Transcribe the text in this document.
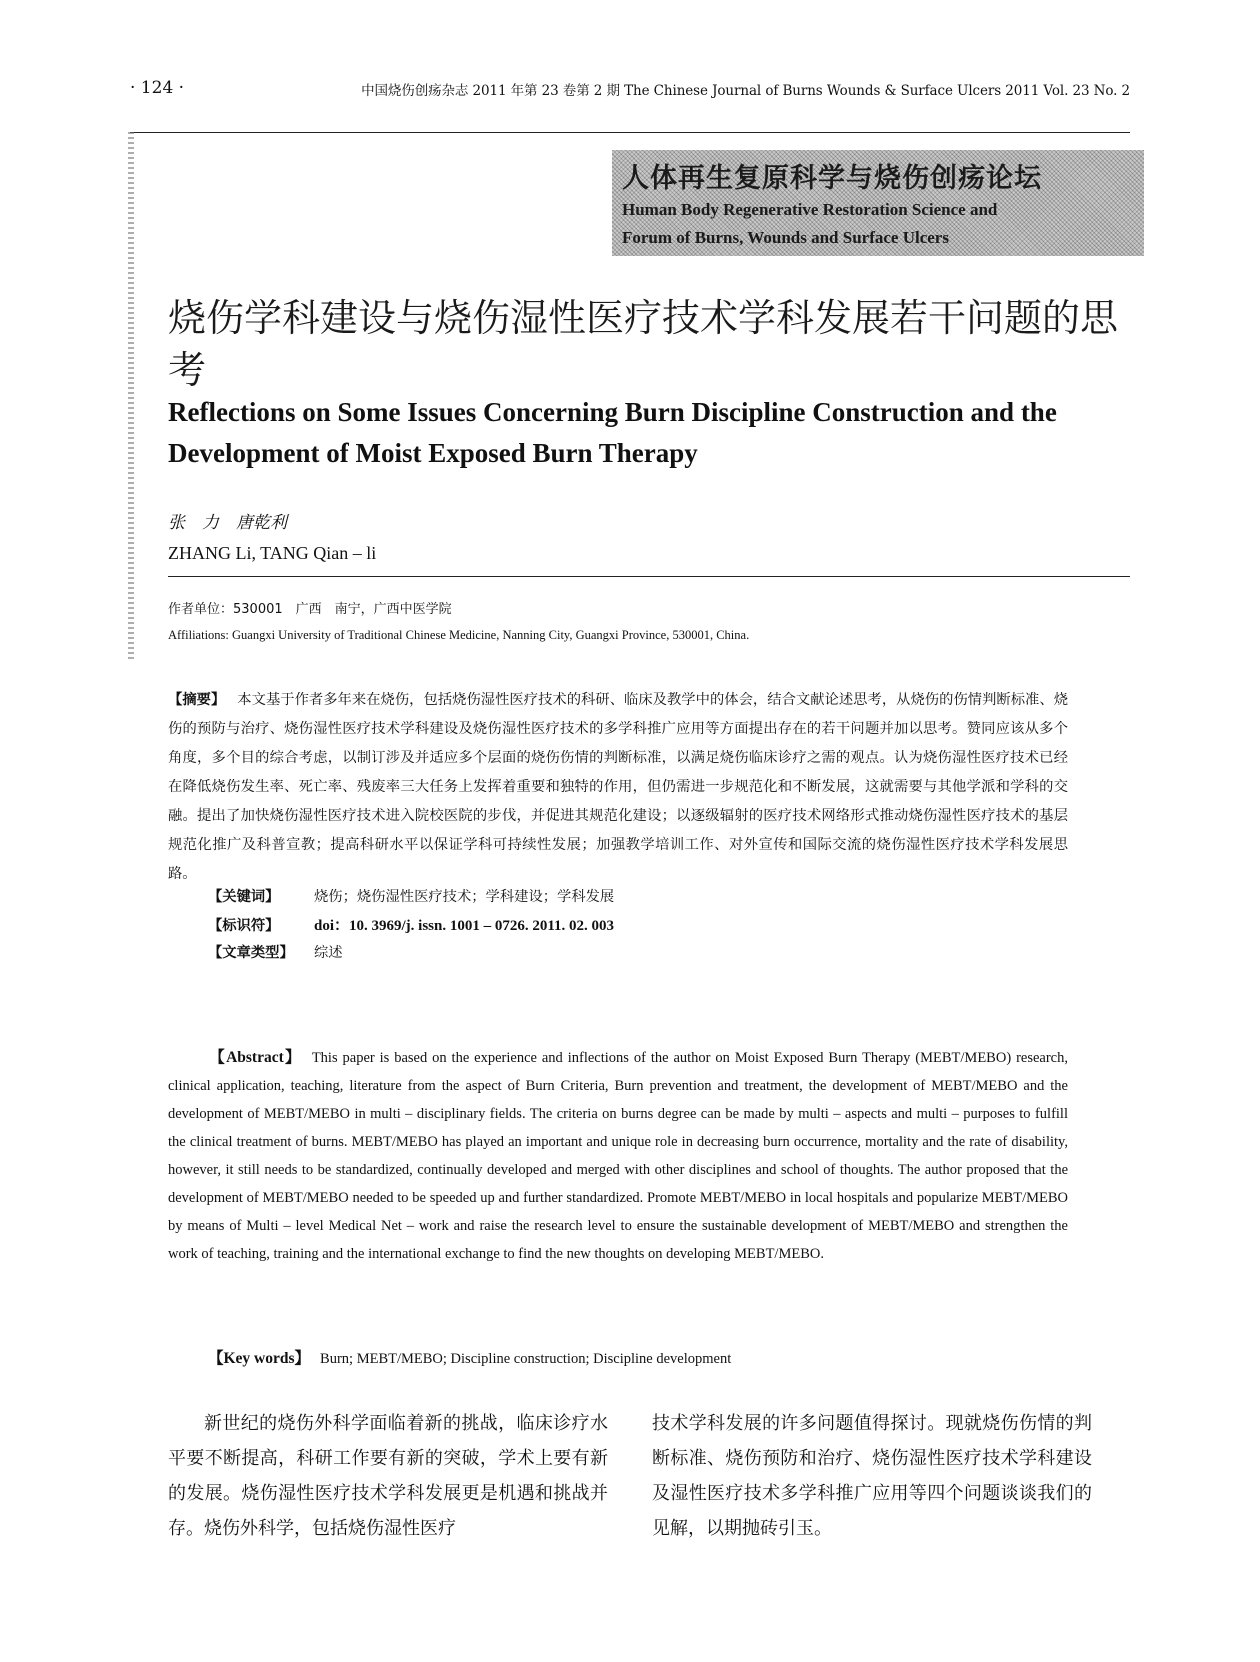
· 124 ·	中国烧伤创疡杂志 2011 年第 23 卷第 2 期 The Chinese Journal of Burns Wounds & Surface Ulcers 2011 Vol. 23 No. 2
人体再生复原科学与烧伤创疡论坛
Human Body Regenerative Restoration Science and
Forum of Burns, Wounds and Surface Ulcers
烧伤学科建设与烧伤湿性医疗技术学科发展若干问题的思考
Reflections on Some Issues Concerning Burn Discipline Construction and the Development of Moist Exposed Burn Therapy
张　力　唐乾利
ZHANG Li, TANG Qian – li
作者单位：530001　广西　南宁，广西中医学院
Affiliations: Guangxi University of Traditional Chinese Medicine, Nanning City, Guangxi Province, 530001, China.
【摘要】 本文基于作者多年来在烧伤，包括烧伤湿性医疗技术的科研、临床及教学中的体会，结合文献论述思考，从烧伤的伤情判断标准、烧伤的预防与治疗、烧伤湿性医疗技术学科建设及烧伤湿性医疗技术的多学科推广应用等方面提出存在的若干问题并加以思考。赞同应该从多个角度，多个目的综合考虑，以制订涉及并适应多个层面的烧伤伤情的判断标准，以满足烧伤临床诊疗之需的观点。认为烧伤湿性医疗技术已经在降低烧伤发生率、死亡率、残废率三大任务上发挥着重要和独特的作用，但仍需进一步规范化和不断发展，这就需要与其他学派和学科的交融。提出了加快烧伤湿性医疗技术进入院校医院的步伐，并促进其规范化建设；以逐级辐射的医疗技术网络形式推动烧伤湿性医疗技术的基层规范化推广及科普宣教；提高科研水平以保证学科可持续性发展；加强教学培训工作、对外宣传和国际交流的烧伤湿性医疗技术学科发展思路。
【关键词】 烧伤；烧伤湿性医疗技术；学科建设；学科发展
【标识符】 doi：10. 3969/j. issn. 1001 – 0726. 2011. 02. 003
【文章类型】 综述
【Abstract】 This paper is based on the experience and inflections of the author on Moist Exposed Burn Therapy (MEBT/MEBO) research, clinical application, teaching, literature from the aspect of Burn Criteria, Burn prevention and treatment, the development of MEBT/MEBO and the development of MEBT/MEBO in multi – disciplinary fields. The criteria on burns degree can be made by multi – aspects and multi – purposes to fulfill the clinical treatment of burns. MEBT/MEBO has played an important and unique role in decreasing burn occurrence, mortality and the rate of disability, however, it still needs to be standardized, continually developed and merged with other disciplines and school of thoughts. The author proposed that the development of MEBT/MEBO needed to be speeded up and further standardized. Promote MEBT/MEBO in local hospitals and popularize MEBT/MEBO by means of Multi – level Medical Net – work and raise the research level to ensure the sustainable development of MEBT/MEBO and strengthen the work of teaching, training and the international exchange to find the new thoughts on developing MEBT/MEBO.
【Key words】 Burn; MEBT/MEBO; Discipline construction; Discipline development
新世纪的烧伤外科学面临着新的挑战，临床诊疗水平要不断提高，科研工作要有新的突破，学术上要有新的发展。烧伤湿性医疗技术学科发展更是机遇和挑战并存。烧伤外科学，包括烧伤湿性医疗
技术学科发展的许多问题值得探讨。现就烧伤伤情的判断标准、烧伤预防和治疗、烧伤湿性医疗技术学科建设及湿性医疗技术多学科推广应用等四个问题谈谈我们的见解，以期抛砖引玉。
